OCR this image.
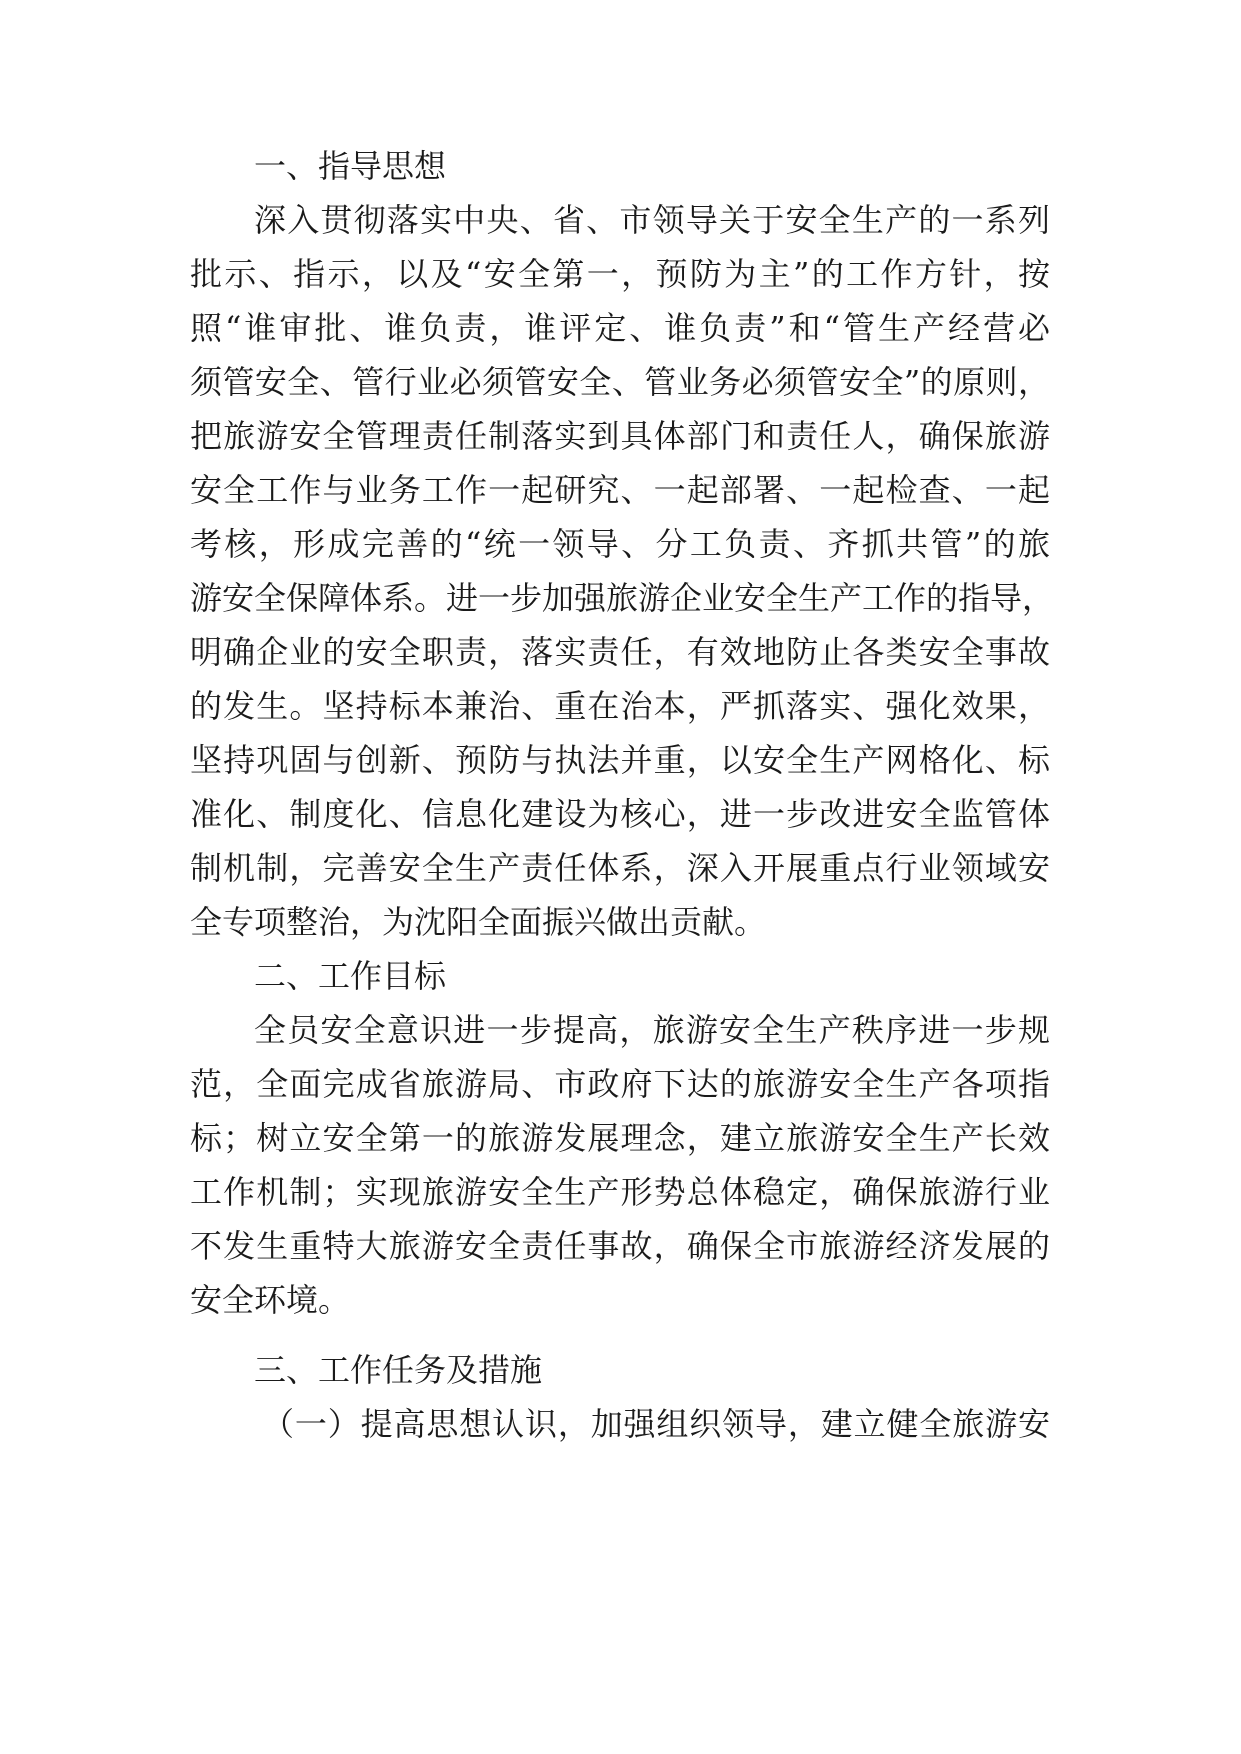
一、指导思想
深入贯彻落实中央、省、市领导关于安全生产的一系列
批示、指示，以及“安全第一，预防为主”的工作方针，按
照“谁审批、谁负责，谁评定、谁负责”和“管生产经营必
须管安全、管行业必须管安全、管业务必须管安全”的原则，
把旅游安全管理责任制落实到具体部门和责任人，确保旅游
安全工作与业务工作一起研究、一起部署、一起检查、一起
考核，形成完善的“统一领导、分工负责、齐抓共管”的旅
游安全保障体系。进一步加强旅游企业安全生产工作的指导，
明确企业的安全职责，落实责任，有效地防止各类安全事故
的发生。坚持标本兼治、重在治本，严抓落实、强化效果，
坚持巩固与创新、预防与执法并重，以安全生产网格化、标
准化、制度化、信息化建设为核心，进一步改进安全监管体
制机制，完善安全生产责任体系，深入开展重点行业领域安
全专项整治，为沈阳全面振兴做出贡献。
二、工作目标
全员安全意识进一步提高，旅游安全生产秩序进一步规
范，全面完成省旅游局、市政府下达的旅游安全生产各项指
标；树立安全第一的旅游发展理念，建立旅游安全生产长效
工作机制；实现旅游安全生产形势总体稳定，确保旅游行业
不发生重特大旅游安全责任事故，确保全市旅游经济发展的
安全环境。
三、工作任务及措施
（一）提高思想认识，加强组织领导，建立健全旅游安
